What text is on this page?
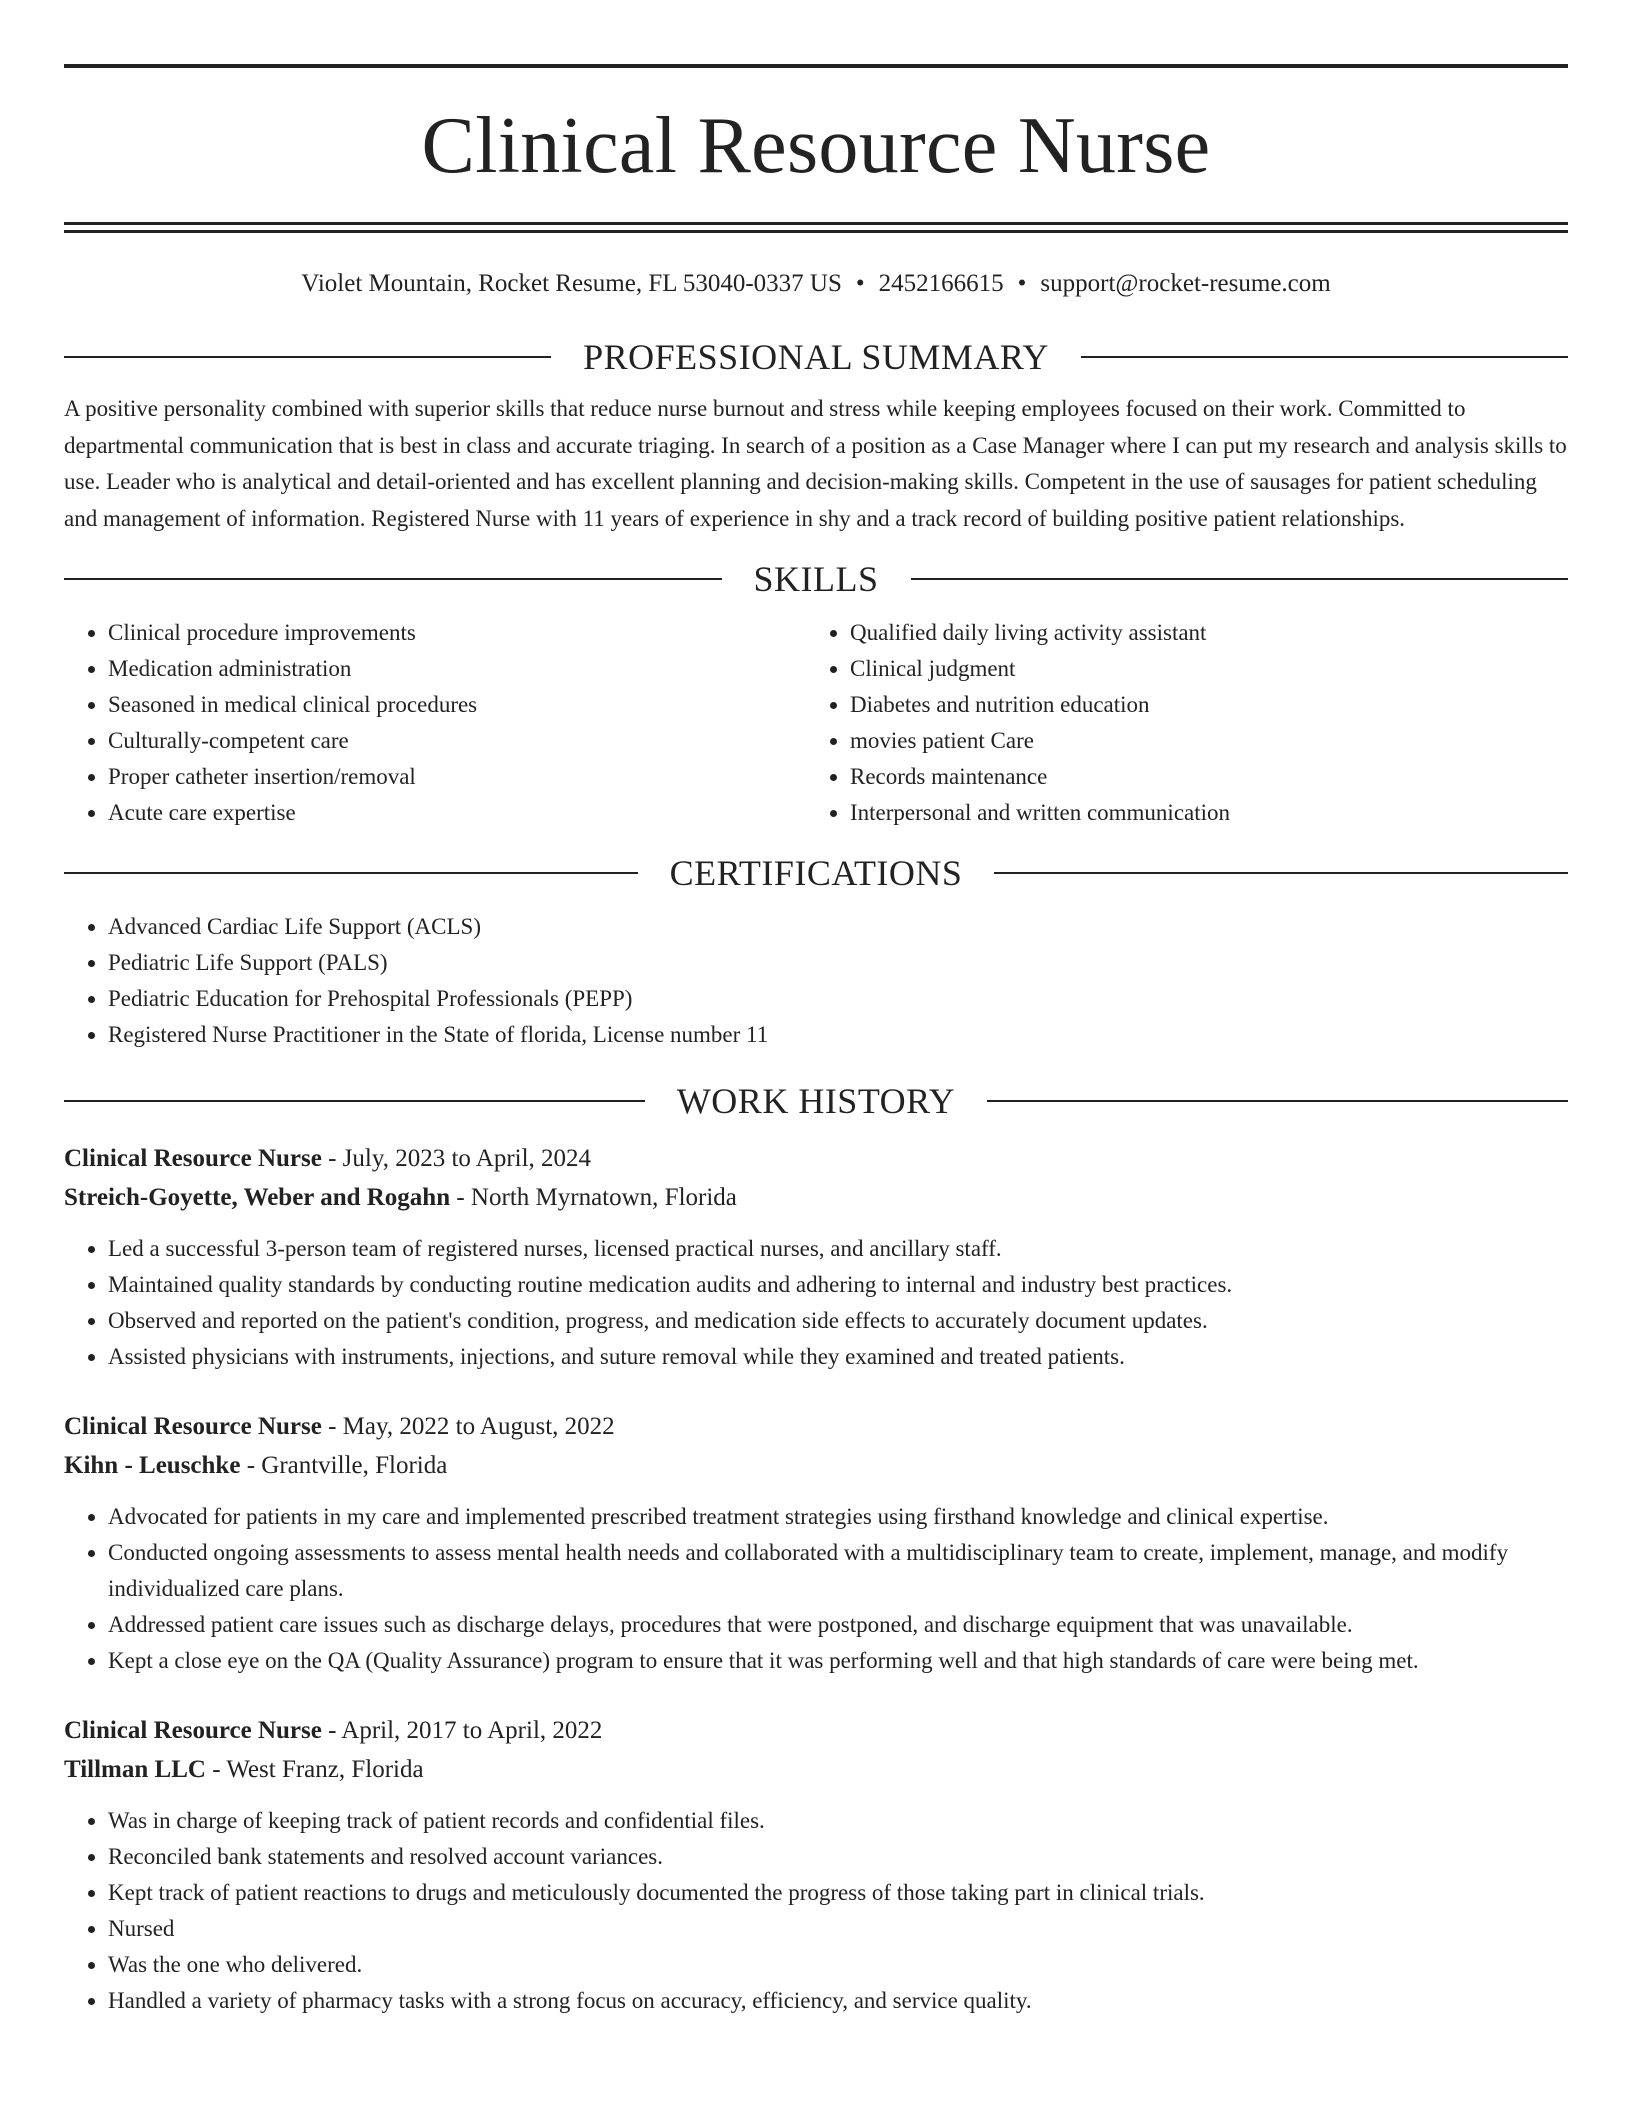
Clinical Resource Nurse
Violet Mountain, Rocket Resume, FL 53040-0337 US • 2452166615 • support@rocket-resume.com
PROFESSIONAL SUMMARY

A positive personality combined with superior skills that reduce nurse burnout and stress while keeping employees focused on their work. Committed to departmental communication that is best in class and accurate triaging. In search of a position as a Case Manager where I can put my research and analysis skills to use. Leader who is analytical and detail-oriented and has excellent planning and decision-making skills. Competent in the use of sausages for patient scheduling and management of information. Registered Nurse with 11 years of experience in shy and a track record of building positive patient relationships.

SKILLS
• Clinical procedure improvements
• Medication administration
• Seasoned in medical clinical procedures
• Culturally-competent care
• Proper catheter insertion/removal
• Acute care expertise
• Qualified daily living activity assistant
• Clinical judgment
• Diabetes and nutrition education
• movies patient Care
• Records maintenance
• Interpersonal and written communication
CERTIFICATIONS
• Advanced Cardiac Life Support (ACLS)
• Pediatric Life Support (PALS)
• Pediatric Education for Prehospital Professionals (PEPP)
• Registered Nurse Practitioner in the State of florida, License number 11
WORK HISTORY
Clinical Resource Nurse - July, 2023 to April, 2024
Streich-Goyette, Weber and Rogahn - North Myrnatown, Florida
• Led a successful 3-person team of registered nurses, licensed practical nurses, and ancillary staff.
• Maintained quality standards by conducting routine medication audits and adhering to internal and industry best practices.
• Observed and reported on the patient's condition, progress, and medication side effects to accurately document updates.
• Assisted physicians with instruments, injections, and suture removal while they examined and treated patients.
Clinical Resource Nurse - May, 2022 to August, 2022
Kihn - Leuschke - Grantville, Florida
• Advocated for patients in my care and implemented prescribed treatment strategies using firsthand knowledge and clinical expertise.
• Conducted ongoing assessments to assess mental health needs and collaborated with a multidisciplinary team to create, implement, manage, and modify individualized care plans.
• Addressed patient care issues such as discharge delays, procedures that were postponed, and discharge equipment that was unavailable.
• Kept a close eye on the QA (Quality Assurance) program to ensure that it was performing well and that high standards of care were being met.
Clinical Resource Nurse - April, 2017 to April, 2022
Tillman LLC - West Franz, Florida
• Was in charge of keeping track of patient records and confidential files.
• Reconciled bank statements and resolved account variances.
• Kept track of patient reactions to drugs and meticulously documented the progress of those taking part in clinical trials.
• Nursed
• Was the one who delivered.
• Handled a variety of pharmacy tasks with a strong focus on accuracy, efficiency, and service quality.
